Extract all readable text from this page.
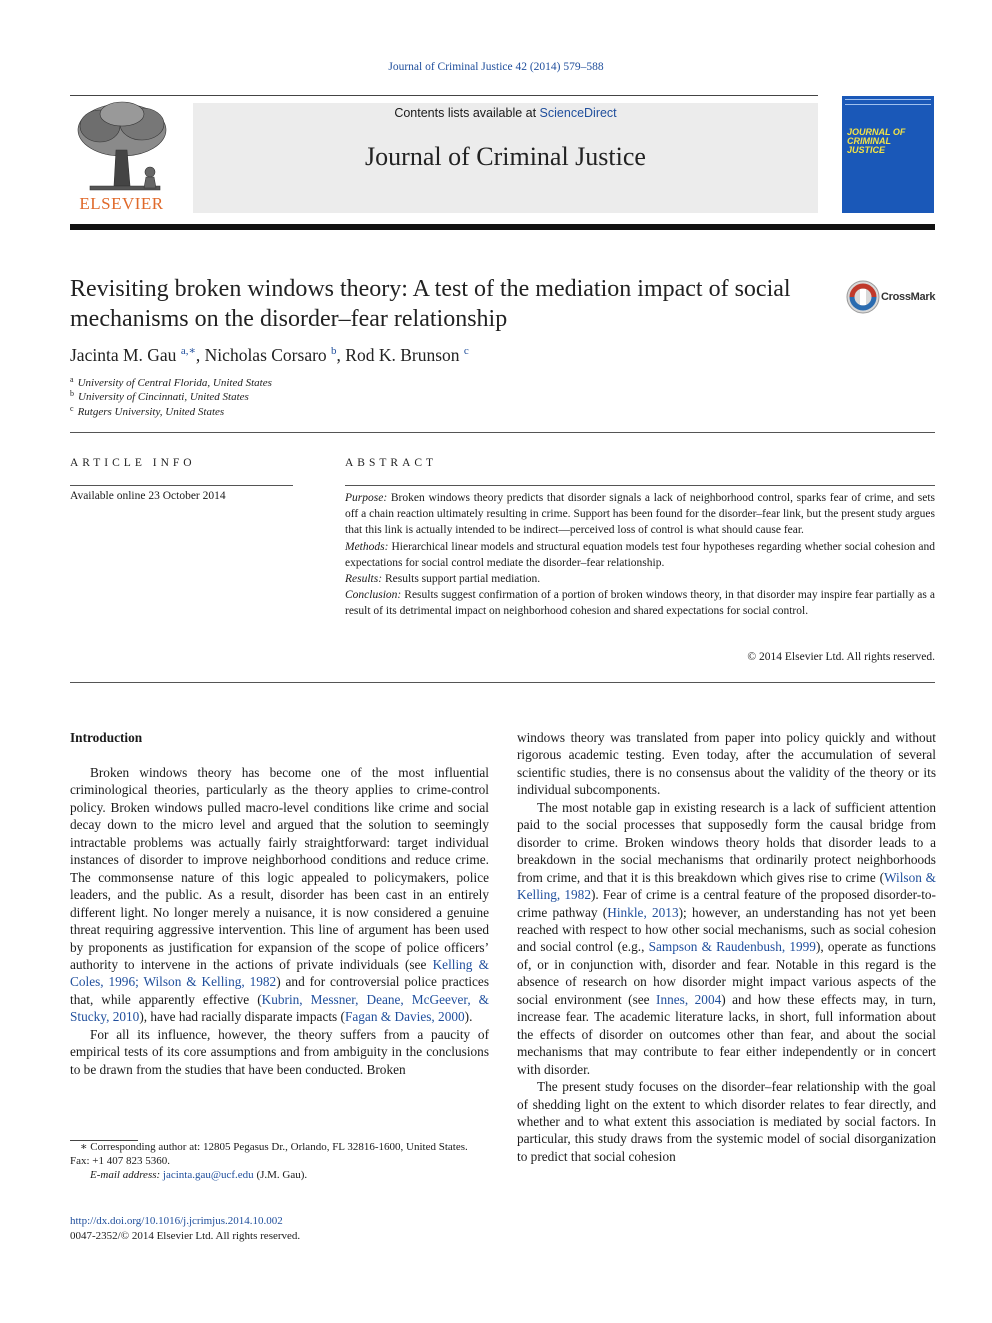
Journal of Criminal Justice 42 (2014) 579–588
ELSEVIER
Contents lists available at ScienceDirect
Journal of Criminal Justice
JOURNAL OF CRIMINAL JUSTICE
Revisiting broken windows theory: A test of the mediation impact of social mechanisms on the disorder–fear relationship
CrossMark
Jacinta M. Gau $^{a,∗}$, Nicholas Corsaro $^b$, Rod K. Brunson $^c$
$^a$ University of Central Florida, United States
$^b$ University of Cincinnati, United States
$^c$ Rutgers University, United States
ARTICLE INFO
Available online 23 October 2014
ABSTRACT

Purpose: Broken windows theory predicts that disorder signals a lack of neighborhood control, sparks fear of crime, and sets off a chain reaction ultimately resulting in crime. Support has been found for the disorder–fear link, but the present study argues that this link is actually intended to be indirect—perceived loss of control is what should cause fear.

Methods: Hierarchical linear models and structural equation models test four hypotheses regarding whether social cohesion and expectations for social control mediate the disorder–fear relationship.

Results: Results support partial mediation.

Conclusion: Results suggest confirmation of a portion of broken windows theory, in that disorder may inspire fear partially as a result of its detrimental impact on neighborhood cohesion and shared expectations for social control.

© 2014 Elsevier Ltd. All rights reserved.
Introduction

Broken windows theory has become one of the most influential criminological theories, particularly as the theory applies to crime-control policy. Broken windows pulled macro-level conditions like crime and social decay down to the micro level and argued that the solution to seemingly intractable problems was actually fairly straightforward: target individual instances of disorder to improve neighborhood conditions and reduce crime. The commonsense nature of this logic appealed to policymakers, police leaders, and the public. As a result, disorder has been cast in an entirely different light. No longer merely a nuisance, it is now considered a genuine threat requiring aggressive intervention. This line of argument has been used by proponents as justification for expansion of the scope of police officers’ authority to intervene in the actions of private individuals (see Kelling & Coles, 1996; Wilson & Kelling, 1982) and for controversial police practices that, while apparently effective (Kubrin, Messner, Deane, McGeever, & Stucky, 2010), have had racially disparate impacts (Fagan & Davies, 2000).

For all its influence, however, the theory suffers from a paucity of empirical tests of its core assumptions and from ambiguity in the conclusions to be drawn from the studies that have been conducted. Broken

windows theory was translated from paper into policy quickly and without rigorous academic testing. Even today, after the accumulation of several scientific studies, there is no consensus about the validity of the theory or its individual subcomponents.

The most notable gap in existing research is a lack of sufficient attention paid to the social processes that supposedly form the causal bridge from disorder to crime. Broken windows theory holds that disorder leads to a breakdown in the social mechanisms that ordinarily protect neighborhoods from crime, and that it is this breakdown which gives rise to crime (Wilson & Kelling, 1982). Fear of crime is a central feature of the proposed disorder-to-crime pathway (Hinkle, 2013); however, an understanding has not yet been reached with respect to how other social mechanisms, such as social cohesion and social control (e.g., Sampson & Raudenbush, 1999), operate as functions of, or in conjunction with, disorder and fear. Notable in this regard is the absence of research on how disorder might impact various aspects of the social environment (see Innes, 2004) and how these effects may, in turn, increase fear. The academic literature lacks, in short, full information about the effects of disorder on outcomes other than fear, and about the social mechanisms that may contribute to fear either independently or in concert with disorder.

The present study focuses on the disorder–fear relationship with the goal of shedding light on the extent to which disorder relates to fear directly, and whether and to what extent this association is mediated by social factors. In particular, this study draws from the systemic model of social disorganization to predict that social cohesion

∗ Corresponding author at: 12805 Pegasus Dr., Orlando, FL 32816-1600, United States. Fax: +1 407 823 5360.

E-mail address: jacinta.gau@ucf.edu (J.M. Gau).

http://dx.doi.org/10.1016/j.jcrimjus.2014.10.002
0047-2352/© 2014 Elsevier Ltd. All rights reserved.
